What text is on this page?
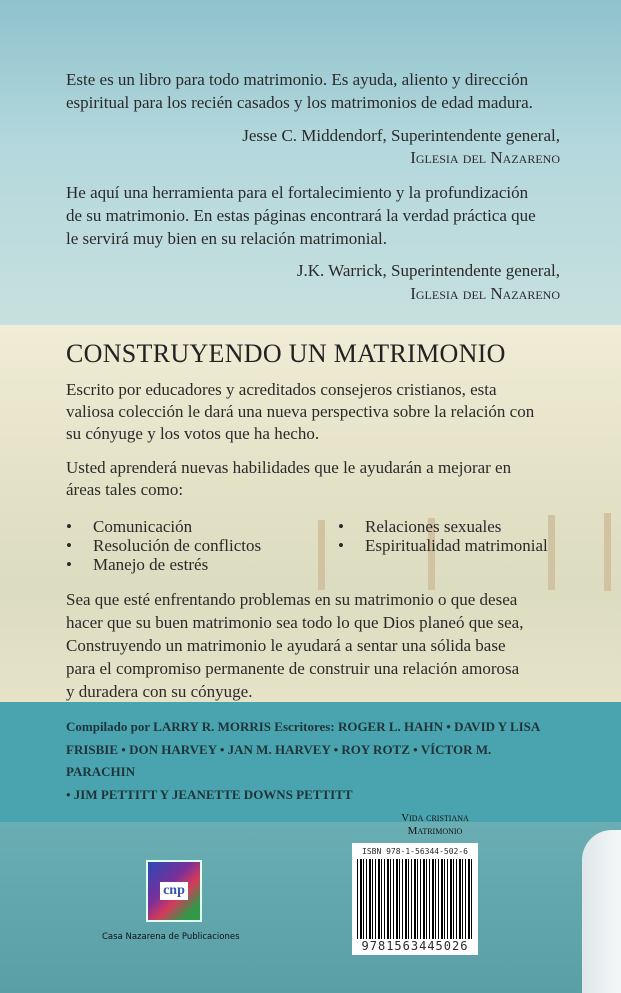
Este es un libro para todo matrimonio. Es ayuda, aliento y dirección
espiritual para los recién casados y los matrimonios de edad madura.
Jesse C. Middendorf, Superintendente general,
Iglesia del Nazareno
He aquí una herramienta para el fortalecimiento y la profundización
de su matrimonio. En estas páginas encontrará la verdad práctica que
le servirá muy bien en su relación matrimonial.
J.K. Warrick, Superintendente general,
Iglesia del Nazareno
CONSTRUYENDO UN MATRIMONIO
Escrito por educadores y acreditados consejeros cristianos, esta
valiosa colección le dará una nueva perspectiva sobre la relación con
su cónyuge y los votos que ha hecho.
Usted aprenderá nuevas habilidades que le ayudarán a mejorar en
áreas tales como:
• Comunicación
• Resolución de conflictos
• Manejo de estrés
• Relaciones sexuales
• Espiritualidad matrimonial
Sea que esté enfrentando problemas en su matrimonio o que desea
hacer que su buen matrimonio sea todo lo que Dios planeó que sea,
Construyendo un matrimonio le ayudará a sentar una sólida base
para el compromiso permanente de construir una relación amorosa
y duradera con su cónyuge.
Compilado por LARRY R. MORRIS Escritores: ROGER L. HAHN • DAVID Y LISA
FRISBIE • DON HARVEY • JAN M. HARVEY • ROY ROTZ • VÍCTOR M. PARACHIN
• JIM PETTITT Y JEANETTE DOWNS PETTITT
Vida cristiana
Matrimonio
ISBN 978-1-56344-502-6
9781563445026
cnp
Casa Nazarena de Publicaciones
